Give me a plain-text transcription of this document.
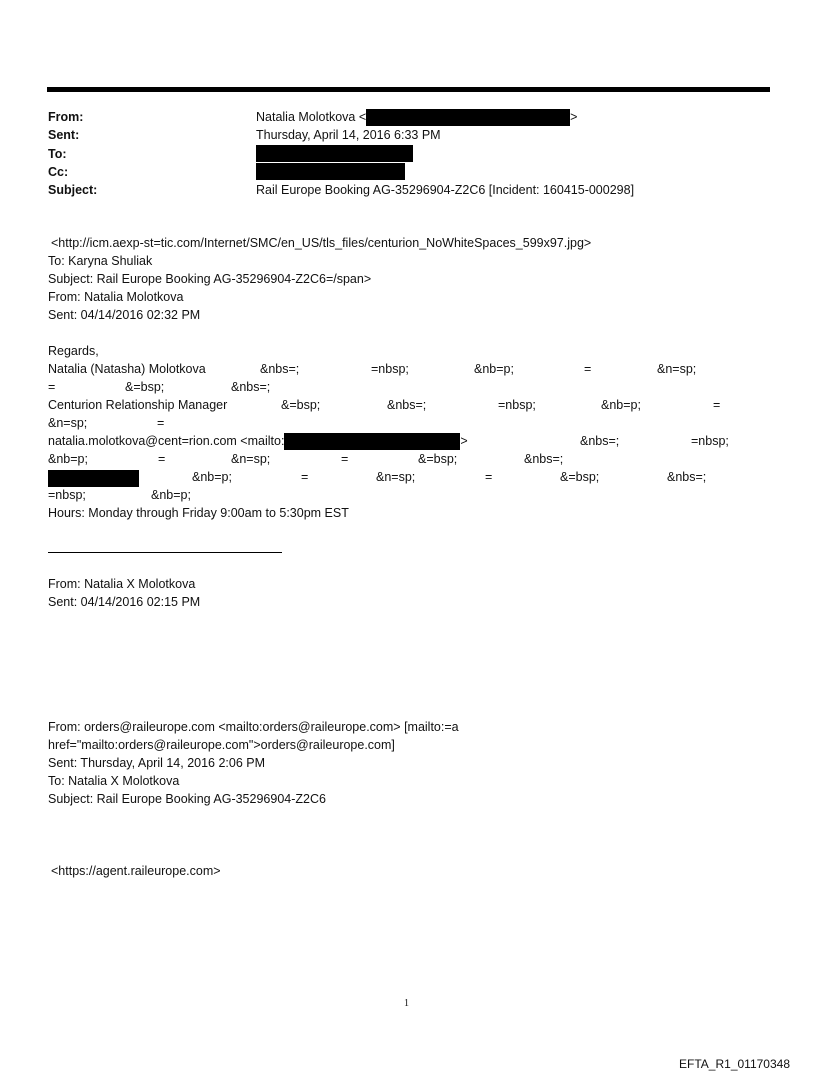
From:	Natalia Molotkova <	>
Sent:	Thursday, April 14, 2016 6:33 PM
To:
Cc:
Subject:	Rail Europe Booking AG-35296904-Z2C6 [Incident: 160415-000298]
<http://icm.aexp-st=tic.com/Internet/SMC/en_US/tls_files/centurion_NoWhiteSpaces_599x97.jpg>
To: Karyna Shuliak
Subject: Rail Europe Booking AG-35296904-Z2C6=/span>
From: Natalia Molotkova
Sent: 04/14/2016 02:32 PM
Regards,
Natalia (Natasha) Molotkova	&nbs=;	=nbsp;	&nb=p;	=	&n=sp;
=	&=bsp;	&nbs=;
Centurion Relationship Manager	&=bsp;	&nbs=;	=nbsp;	&nb=p;	=
&n=sp;	=
natalia.molotkova@cent=rion.com <mailto:	>	&nbs=;	=nbsp;
&nb=p;	=	&n=sp;	=	&=bsp;	&nbs=;
&nb=p;	=	&n=sp;	=	&=bsp;	&nbs=;
=nbsp;	&nb=p;
Hours: Monday through Friday 9:00am to 5:30pm EST
From: Natalia X Molotkova
Sent: 04/14/2016 02:15 PM
From: orders@raileurope.com <mailto:orders@raileurope.com> [mailto:=a
href="mailto:orders@raileurope.com">orders@raileurope.com]
Sent: Thursday, April 14, 2016 2:06 PM
To: Natalia X Molotkova
Subject: Rail Europe Booking AG-35296904-Z2C6
<https://agent.raileurope.com>
1
EFTA_R1_01170348
